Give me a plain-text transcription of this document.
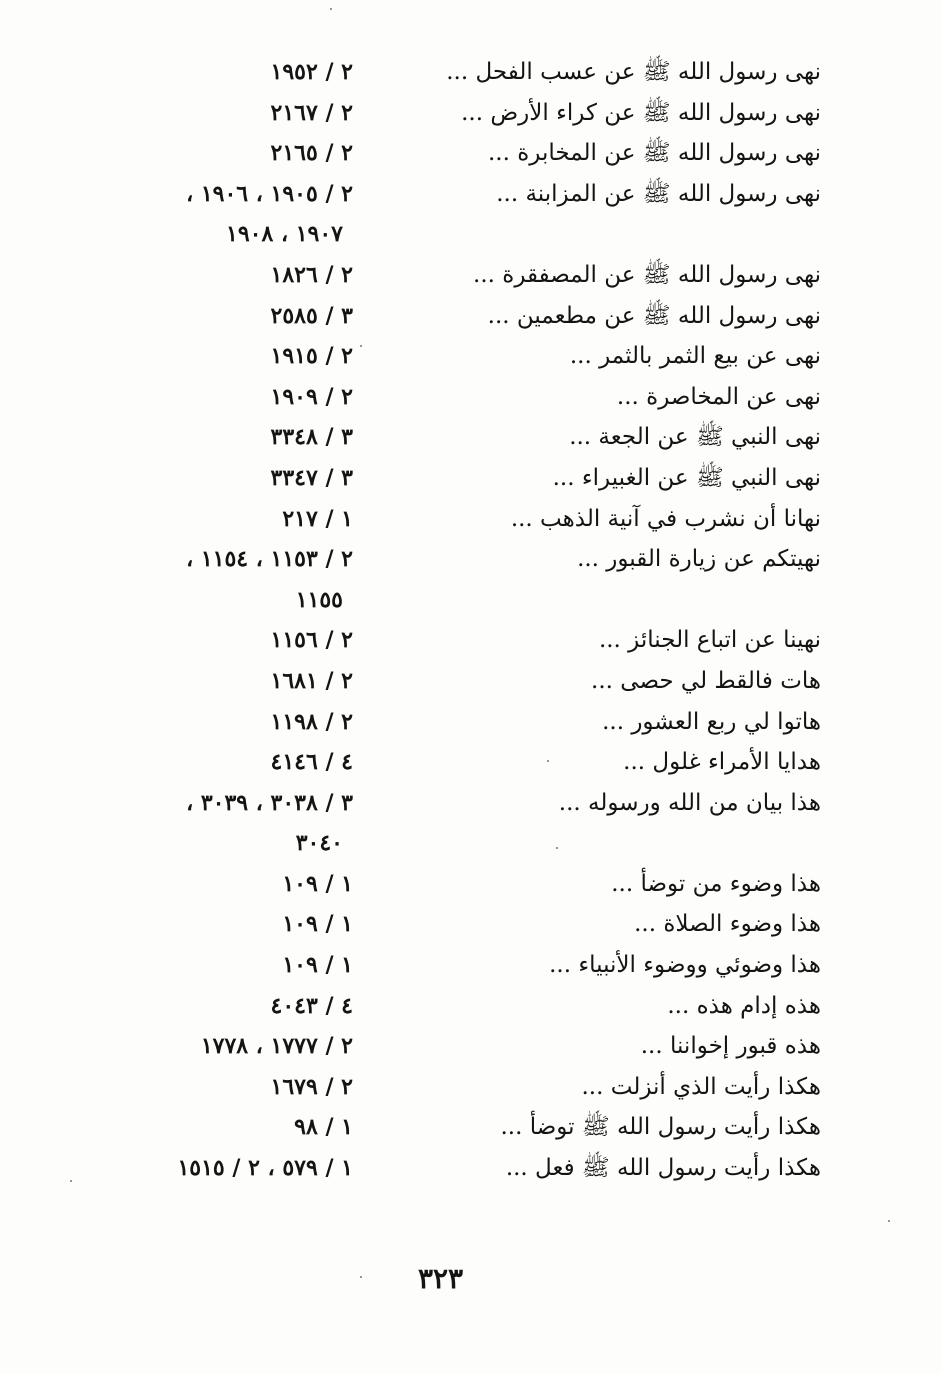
نهى رسول الله ﷺ عن عسب الفحل ...
٢ / ١٩٥٢
نهى رسول الله ﷺ عن كراء الأرض ...
٢ / ٢١٦٧
نهى رسول الله ﷺ عن المخابرة ...
٢ / ٢١٦٥
نهى رسول الله ﷺ عن المزابنة ...
٢ / ١٩٠٥ ، ١٩٠٦ ،
١٩٠٧ ، ١٩٠٨
نهى رسول الله ﷺ عن المصفقرة ...
٢ / ١٨٢٦
نهى رسول الله ﷺ عن مطعمين ...
٣ / ٢٥٨٥
نهى عن بيع الثمر بالثمر ...
٢ / ١٩١٥
نهى عن المخاصرة ...
٢ / ١٩٠٩
نهى النبي ﷺ عن الجعة ...
٣ / ٣٣٤٨
نهى النبي ﷺ عن الغبيراء ...
٣ / ٣٣٤٧
نهانا أن نشرب في آنية الذهب ...
١ / ٢١٧
نهيتكم عن زيارة القبور ...
٢ / ١١٥٣ ، ١١٥٤ ،
١١٥٥
نهينا عن اتباع الجنائز ...
٢ / ١١٥٦
هات فالقط لي حصى ...
٢ / ١٦٨١
هاتوا لي ربع العشور ...
٢ / ١١٩٨
هدايا الأمراء غلول ...
٤ / ٤١٤٦
هذا بيان من الله ورسوله ...
٣ / ٣٠٣٨ ، ٣٠٣٩ ،
٣٠٤٠
هذا وضوء من توضأ ...
١ / ١٠٩
هذا وضوء الصلاة ...
١ / ١٠٩
هذا وضوئي ووضوء الأنبياء ...
١ / ١٠٩
هذه إدام هذه ...
٤ / ٤٠٤٣
هذه قبور إخواننا ...
٢ / ١٧٧٧ ، ١٧٧٨
هكذا رأيت الذي أنزلت ...
٢ / ١٦٧٩
هكذا رأيت رسول الله ﷺ توضأ ...
١ / ٩٨
هكذا رأيت رسول الله ﷺ فعل ...
١ / ٥٧٩ ، ٢ / ١٥١٥
٣٢٣
